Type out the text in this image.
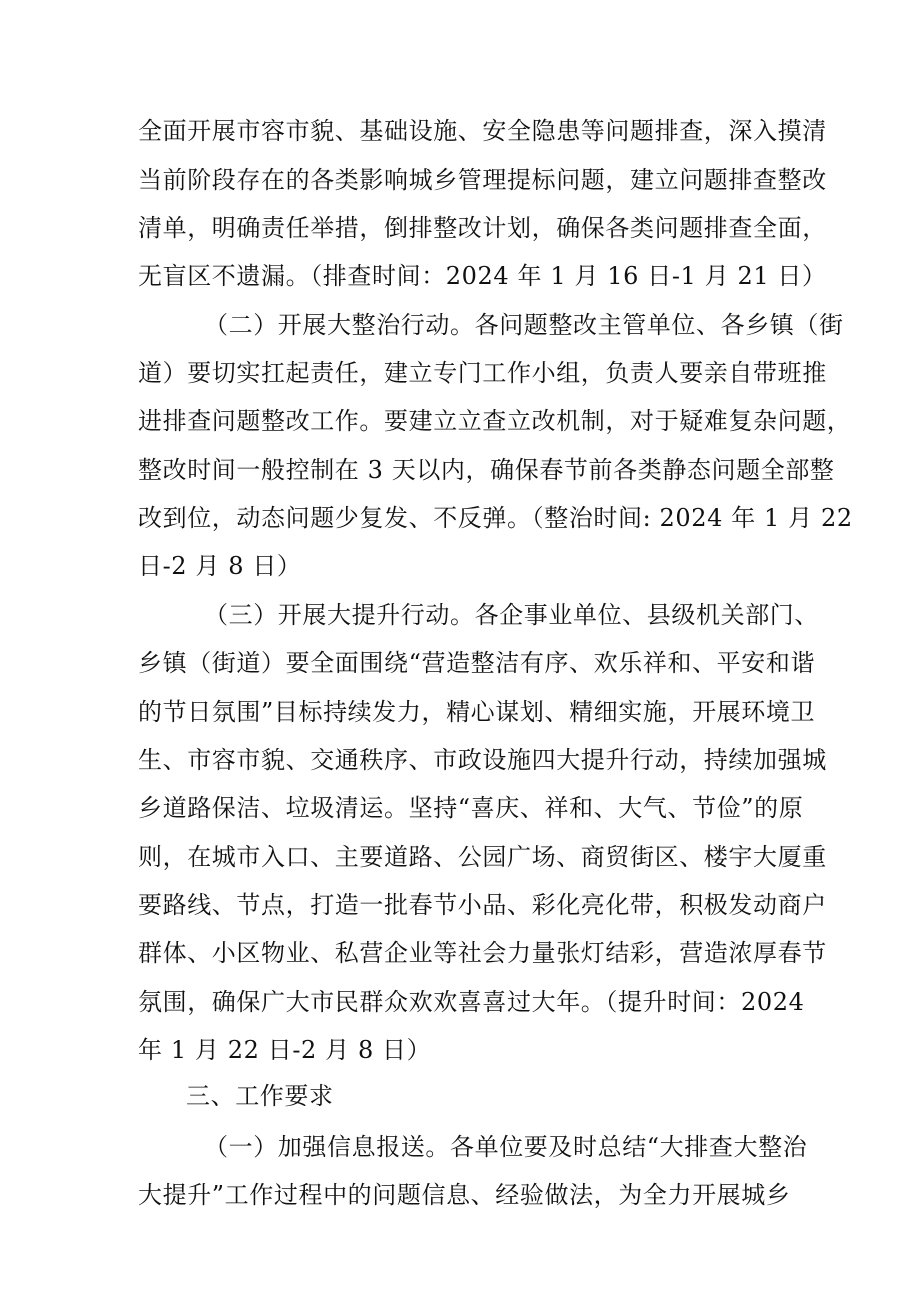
全面开展市容市貌、基础设施、安全隐患等问题排查，深入摸清
当前阶段存在的各类影响城乡管理提标问题，建立问题排查整改
清单，明确责任举措，倒排整改计划，确保各类问题排查全面，
无盲区不遗漏。（排查时间：2024 年 1 月 16 日-1 月 21 日）
（二）开展大整治行动。各问题整改主管单位、各乡镇（街
道）要切实扛起责任，建立专门工作小组，负责人要亲自带班推
进排查问题整改工作。要建立立查立改机制，对于疑难复杂问题，
整改时间一般控制在 3 天以内，确保春节前各类静态问题全部整
改到位，动态问题少复发、不反弹。（整治时间: 2024 年 1 月 22
日-2 月 8 日）
（三）开展大提升行动。各企事业单位、县级机关部门、
乡镇（街道）要全面围绕“营造整洁有序、欢乐祥和、平安和谐
的节日氛围”目标持续发力，精心谋划、精细实施，开展环境卫
生、市容市貌、交通秩序、市政设施四大提升行动，持续加强城
乡道路保洁、垃圾清运。坚持“喜庆、祥和、大气、节俭”的原
则，在城市入口、主要道路、公园广场、商贸街区、楼宇大厦重
要路线、节点，打造一批春节小品、彩化亮化带，积极发动商户
群体、小区物业、私营企业等社会力量张灯结彩，营造浓厚春节
氛围，确保广大市民群众欢欢喜喜过大年。（提升时间：2024
年 1 月 22 日-2 月 8 日）
三、工作要求
（一）加强信息报送。各单位要及时总结“大排查大整治
大提升”工作过程中的问题信息、经验做法，为全力开展城乡
